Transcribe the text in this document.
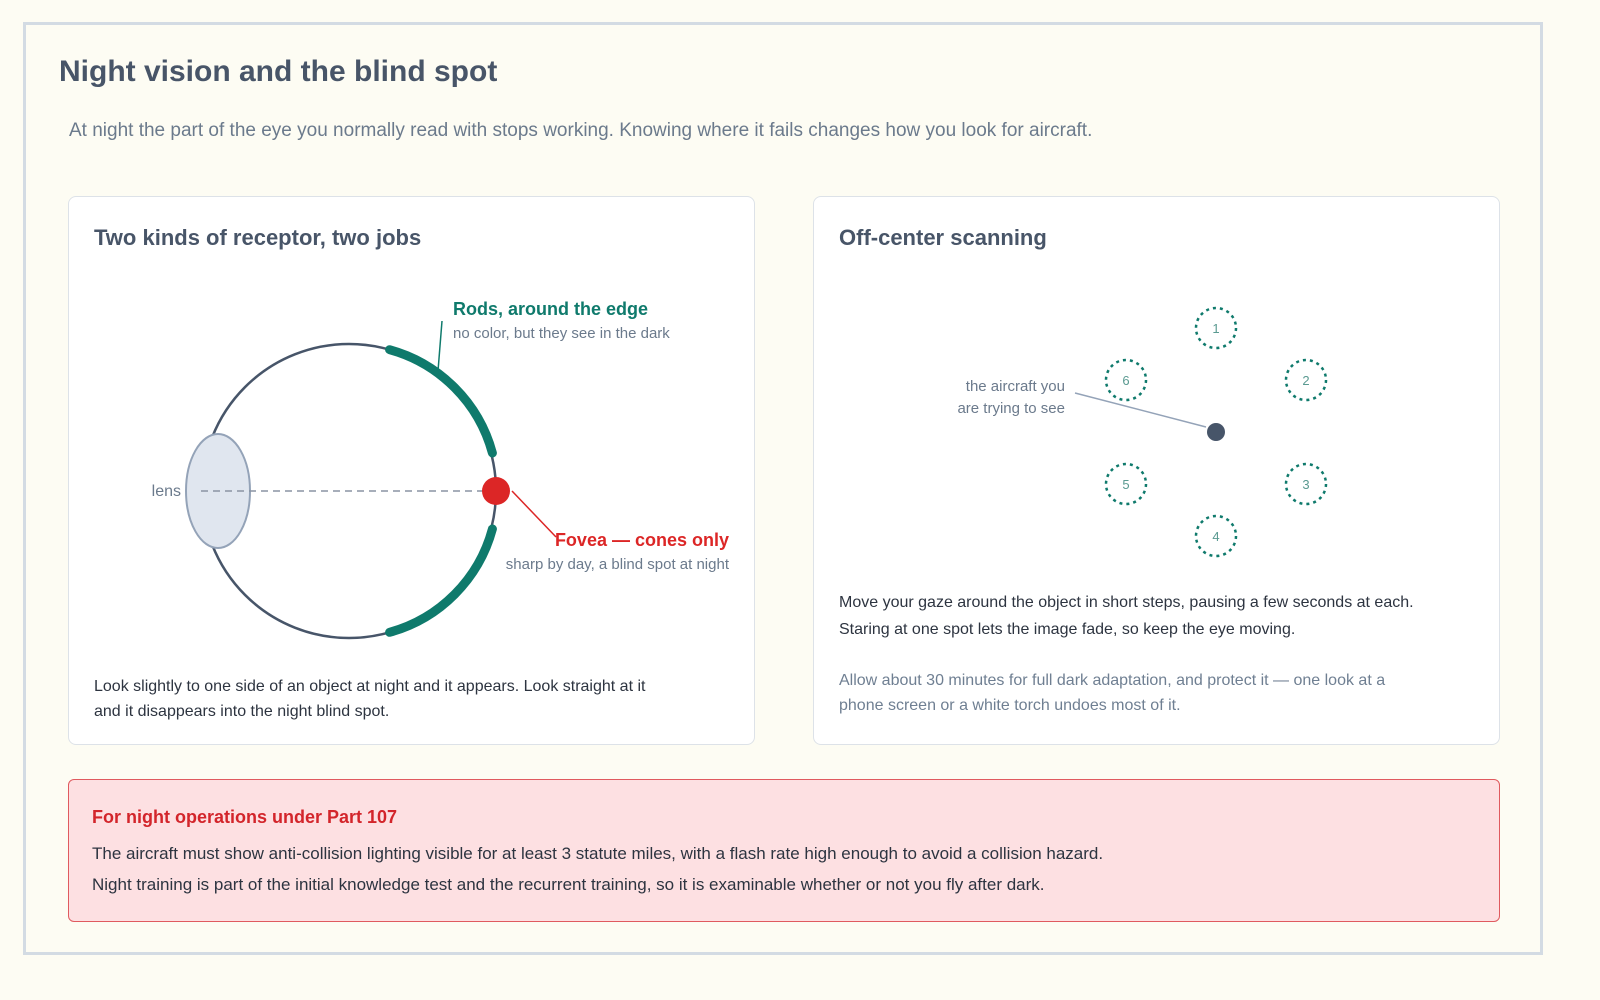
Night vision and the blind spot

At night the part of the eye you normally read with stops working. Knowing where it fails changes how you look for aircraft.

Two kinds of receptor, two jobs
Rods, around the edge
no color, but they see in the dark
lens
Fovea — cones only
sharp by day, a blind spot at night

Look slightly to one side of an object at night and it appears. Look straight at it

and it disappears into the night blind spot.

Off-center scanning
the aircraft you
are trying to see
1
2
3
4
5
6

Move your gaze around the object in short steps, pausing a few seconds at each.

Staring at one spot lets the image fade, so keep the eye moving.

Allow about 30 minutes for full dark adaptation, and protect it — one look at a

phone screen or a white torch undoes most of it.

For night operations under Part 107

The aircraft must show anti-collision lighting visible for at least 3 statute miles, with a flash rate high enough to avoid a collision hazard.

Night training is part of the initial knowledge test and the recurrent training, so it is examinable whether or not you fly after dark.
